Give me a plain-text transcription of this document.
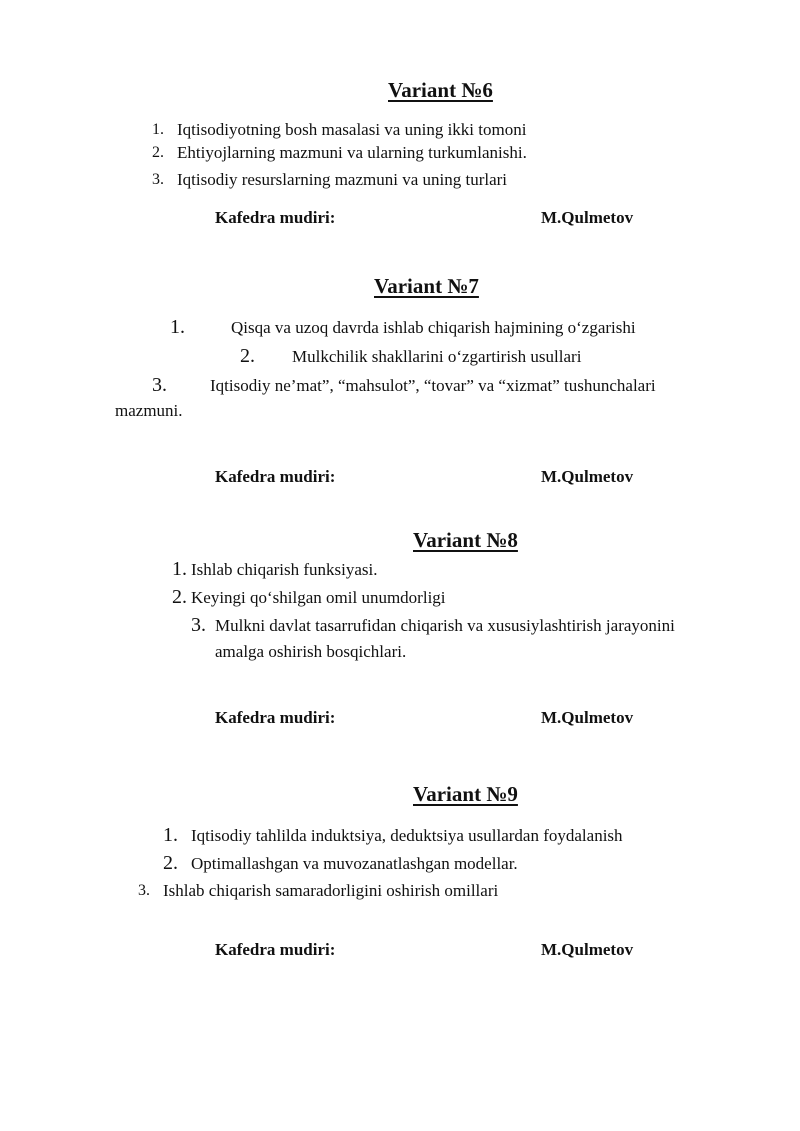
Variant №6
1. Iqtisodiyotning bosh masalasi va uning ikki tomoni
2. Ehtiyojlarning mazmuni va ularning turkumlanishi.
3. Iqtisodiy resurslarning mazmuni va uning turlari
Kafedra mudiri:	M.Qulmetov
Variant №7
1.	Qisqa va uzoq davrda ishlab chiqarish hajmining o‘zgarishi
2. Mulkchilik shakllarini o‘zgartirish usullari
3.	Iqtisodiy ne’mat”, “mahsulot”, “tovar” va “xizmat” tushunchalari
mazmuni.
Kafedra mudiri:	M.Qulmetov
Variant №8
1. Ishlab chiqarish funksiyasi.
2. Keyingi qo‘shilgan omil unumdorligi
3. Mulkni davlat tasarrufidan chiqarish va xususiylashtirish jarayonini
amalga oshirish bosqichlari.
Kafedra mudiri:	M.Qulmetov
Variant №9
1. Iqtisodiy tahlilda induktsiya, deduktsiya usullardan foydalanish
2. Optimallashgan va muvozanatlashgan modellar.
3. Ishlab chiqarish samaradorligini oshirish omillari
Kafedra mudiri:	M.Qulmetov
